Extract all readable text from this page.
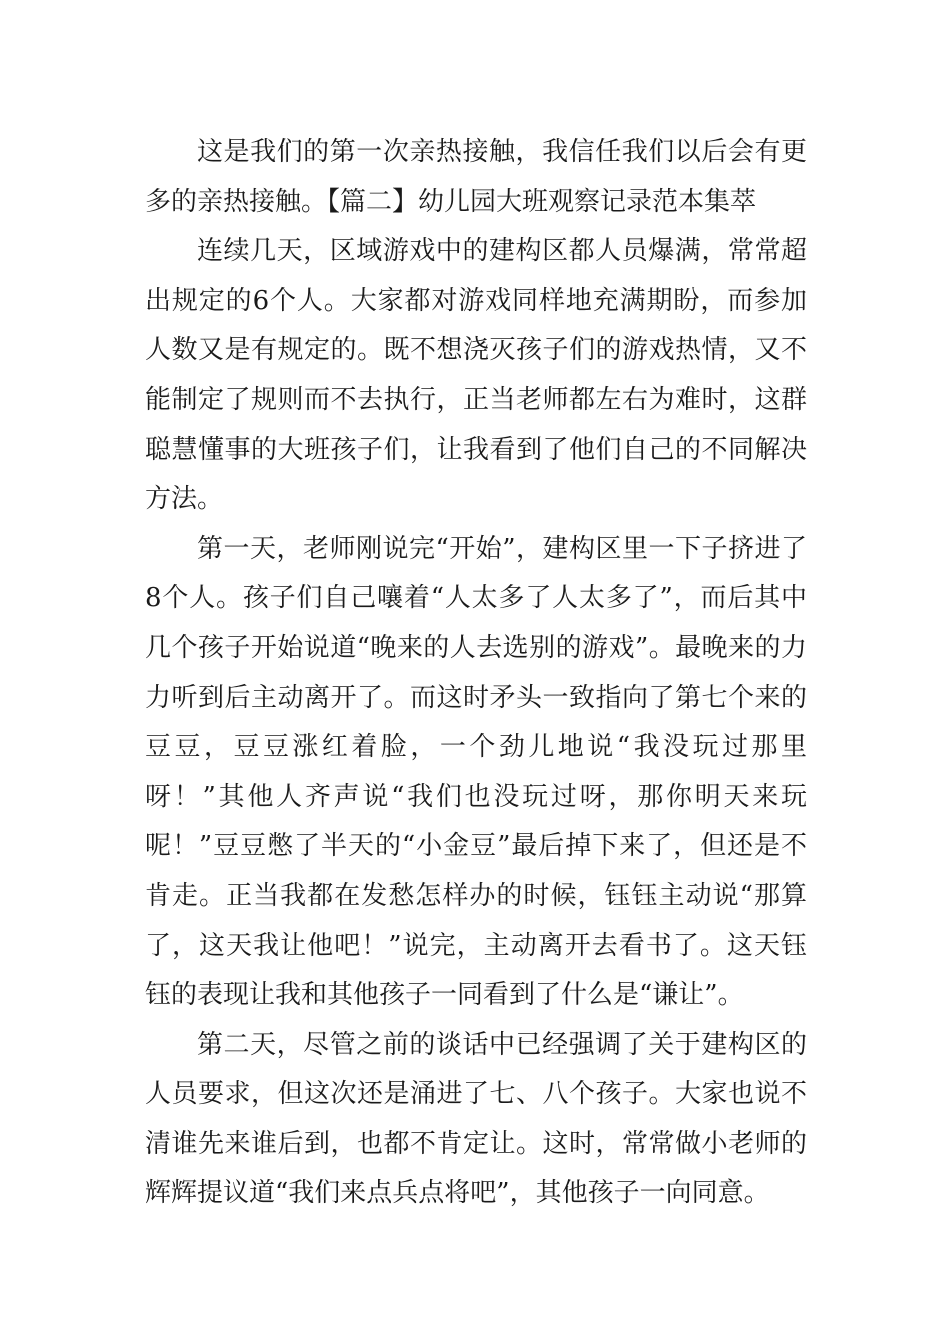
这是我们的第一次亲热接触，我信任我们以后会有更多的亲热接触。【篇二】幼儿园大班观察记录范本集萃

连续几天，区域游戏中的建构区都人员爆满，常常超出规定的6个人。大家都对游戏同样地充满期盼，而参加人数又是有规定的。既不想浇灭孩子们的游戏热情，又不能制定了规则而不去执行，正当老师都左右为难时，这群聪慧懂事的大班孩子们，让我看到了他们自己的不同解决方法。

第一天，老师刚说完“开始”，建构区里一下子挤进了8个人。孩子们自己嚷着“人太多了人太多了”，而后其中几个孩子开始说道“晚来的人去选别的游戏”。最晚来的力力听到后主动离开了。而这时矛头一致指向了第七个来的豆豆，豆豆涨红着脸，一个劲儿地说“我没玩过那里呀！”其他人齐声说“我们也没玩过呀，那你明天来玩呢！”豆豆憋了半天的“小金豆”最后掉下来了，但还是不肯走。正当我都在发愁怎样办的时候，钰钰主动说“那算了，这天我让他吧！”说完，主动离开去看书了。这天钰钰的表现让我和其他孩子一同看到了什么是“谦让”。

第二天，尽管之前的谈话中已经强调了关于建构区的人员要求，但这次还是涌进了七、八个孩子。大家也说不清谁先来谁后到，也都不肯定让。这时，常常做小老师的辉辉提议道“我们来点兵点将吧”，其他孩子一向同意。
